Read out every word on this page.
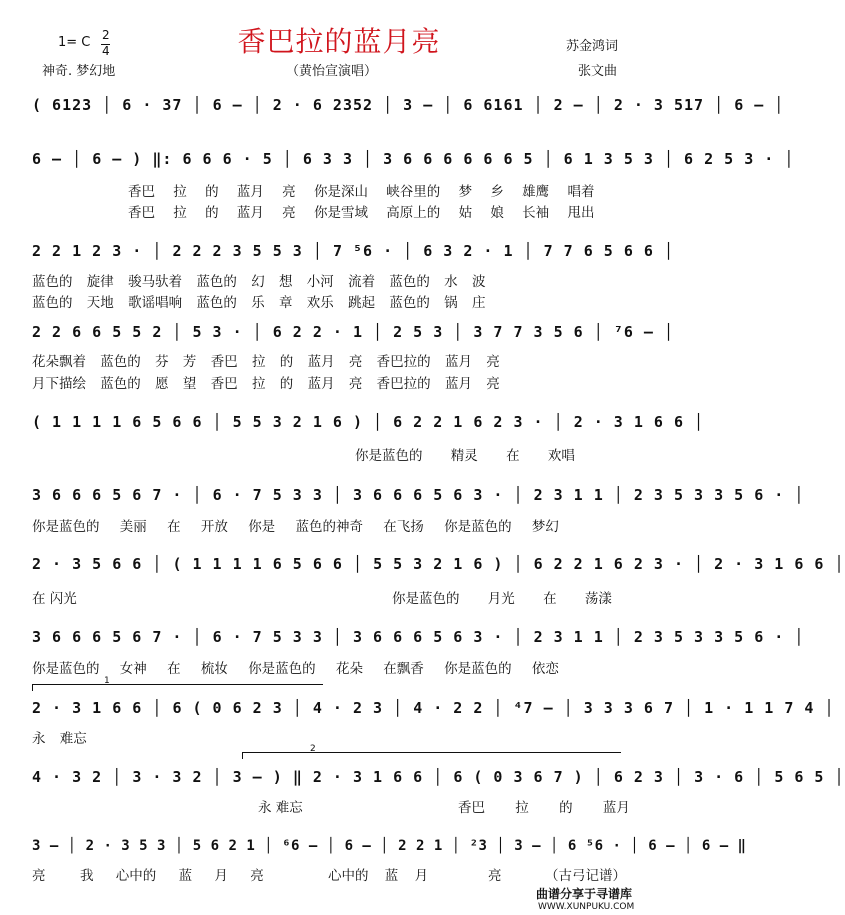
香巴拉的蓝月亮
1= C 2
4
神奇. 梦幻地	（黄怡宣演唱）
苏金鸿词
张文曲
( 6123 │ 6 · 37 │ 6 – │ 2 · 6 2352 │ 3 – │ 6 6161 │ 2 – │ 2 · 3 517 │ 6 – │
6 – │ 6 – ) ‖: 6 6 6 · 5 │ 6 3 3 │ 3 6 6 6 6 6 6 5 │ 6 1 3 5 3 │ 6 2 5 3 · │
香巴 拉 的 蓝月 亮 你是深山 峡谷里的 梦 乡 雄鹰 唱着
香巴 拉 的 蓝月 亮 你是雪域 高原上的 姑 娘 长袖 甩出
2 2 1 2 3 · │ 2 2 2 3 5 5 3 │ 7 ⁵6 · │ 6 3 2 · 1 │ 7 7 6 5 6 6 │
蓝色的 旋律 骏马驮着 蓝色的 幻 想 小河 流着 蓝色的 水 波
蓝色的 天地 歌谣唱响 蓝色的 乐 章 欢乐 跳起 蓝色的 锅 庄
2 2 6 6 5 5 2 │ 5 3 · │ 6 2 2 · 1 │ 2 5 3 │ 3 7 7 3 5 6 │ ⁷6 – │
花朵飘着 蓝色的 芬 芳 香巴 拉 的 蓝月 亮 香巴拉的 蓝月 亮
月下描绘 蓝色的 愿 望 香巴 拉 的 蓝月 亮 香巴拉的 蓝月 亮
( 1 1 1 1 6 5 6 6 │ 5 5 3 2 1 6 ) │ 6 2 2 1 6 2 3 · │ 2 · 3 1 6 6 │
你是蓝色的 精灵 在 欢唱
3 6 6 6 5 6 7 · │ 6 · 7 5 3 3 │ 3 6 6 6 5 6 3 · │ 2 3 1 1 │ 2 3 5 3 3 5 6 · │
你是蓝色的 美丽 在 开放 你是 蓝色的神奇 在飞扬 你是蓝色的 梦幻
2 · 3 5 6 6 │ ( 1 1 1 1 6 5 6 6 │ 5 5 3 2 1 6 ) │ 6 2 2 1 6 2 3 · │ 2 · 3 1 6 6 │
在 闪光	你是蓝色的 月光 在 荡漾
3 6 6 6 5 6 7 · │ 6 · 7 5 3 3 │ 3 6 6 6 5 6 3 · │ 2 3 1 1 │ 2 3 5 3 3 5 6 · │
你是蓝色的 女神 在 梳妆 你是蓝色的 花朵 在飘香 你是蓝色的 依恋
1
2 · 3 1 6 6 │ 6 ( 0 6 2 3 │ 4 · 2 3 │ 4 · 2 2 │ ⁴7 – │ 3 3 3 6 7 │ 1 · 1 1 7 4 │
永 难忘
2
4 · 3 2 │ 3 · 3 2 │ 3 – ) ‖ 2 · 3 1 6 6 │ 6 ( 0 3 6 7 ) │ 6 2 3 │ 3 · 6 │ 5 6 5 │
永 难忘	香巴 拉 的 蓝月
3 – │ 2 · 3 5 3 │ 5 6 2 1 │ ⁶6 – │ 6 – │ 2 2 1 │ ²3 │ 3 – │ 6 ⁵6 · │ 6 – │ 6 – ‖
亮	我 心中的 蓝 月 亮	心中的 蓝 月	亮	（古弓记谱）
曲谱分享于寻谱库
WWW.XUNPUKU.COM
